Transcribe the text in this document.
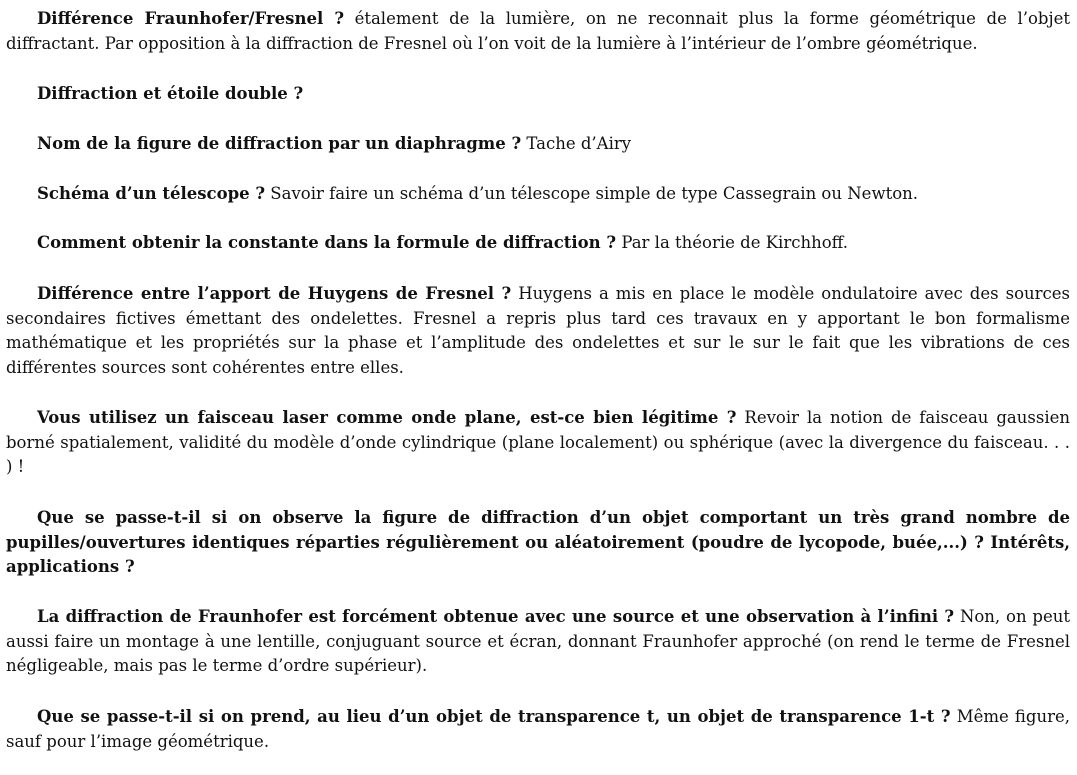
Différence Fraunhofer/Fresnel ? étalement de la lumière, on ne reconnait plus la forme géométrique de l’objet diffractant. Par opposition à la diffraction de Fresnel où l’on voit de la lumière à l’intérieur de l’ombre géométrique.

Diffraction et étoile double ?

Nom de la figure de diffraction par un diaphragme ? Tache d’Airy

Schéma d’un télescope ? Savoir faire un schéma d’un télescope simple de type Cassegrain ou Newton.

Comment obtenir la constante dans la formule de diffraction ? Par la théorie de Kirchhoff.

Différence entre l’apport de Huygens de Fresnel ? Huygens a mis en place le modèle ondulatoire avec des sources secondaires fictives émettant des ondelettes. Fresnel a repris plus tard ces travaux en y apportant le bon formalisme mathématique et les propriétés sur la phase et l’amplitude des ondelettes et sur le sur le fait que les vibrations de ces différentes sources sont cohérentes entre elles.

Vous utilisez un faisceau laser comme onde plane, est-ce bien légitime ? Revoir la notion de faisceau gaussien borné spatialement, validité du modèle d’onde cylindrique (plane localement) ou sphérique (avec la divergence du faisceau. . . ) !

Que se passe-t-il si on observe la figure de diffraction d’un objet comportant un très grand nombre de pupilles/ouvertures identiques réparties régulièrement ou aléatoirement (poudre de lycopode, buée,...) ? Intérêts, applications ?

La diffraction de Fraunhofer est forcément obtenue avec une source et une observation à l’infini ? Non, on peut aussi faire un montage à une lentille, conjuguant source et écran, donnant Fraunhofer approché (on rend le terme de Fresnel négligeable, mais pas le terme d’ordre supérieur).

Que se passe-t-il si on prend, au lieu d’un objet de transparence t, un objet de transparence 1-t ? Même figure, sauf pour l’image géométrique.
